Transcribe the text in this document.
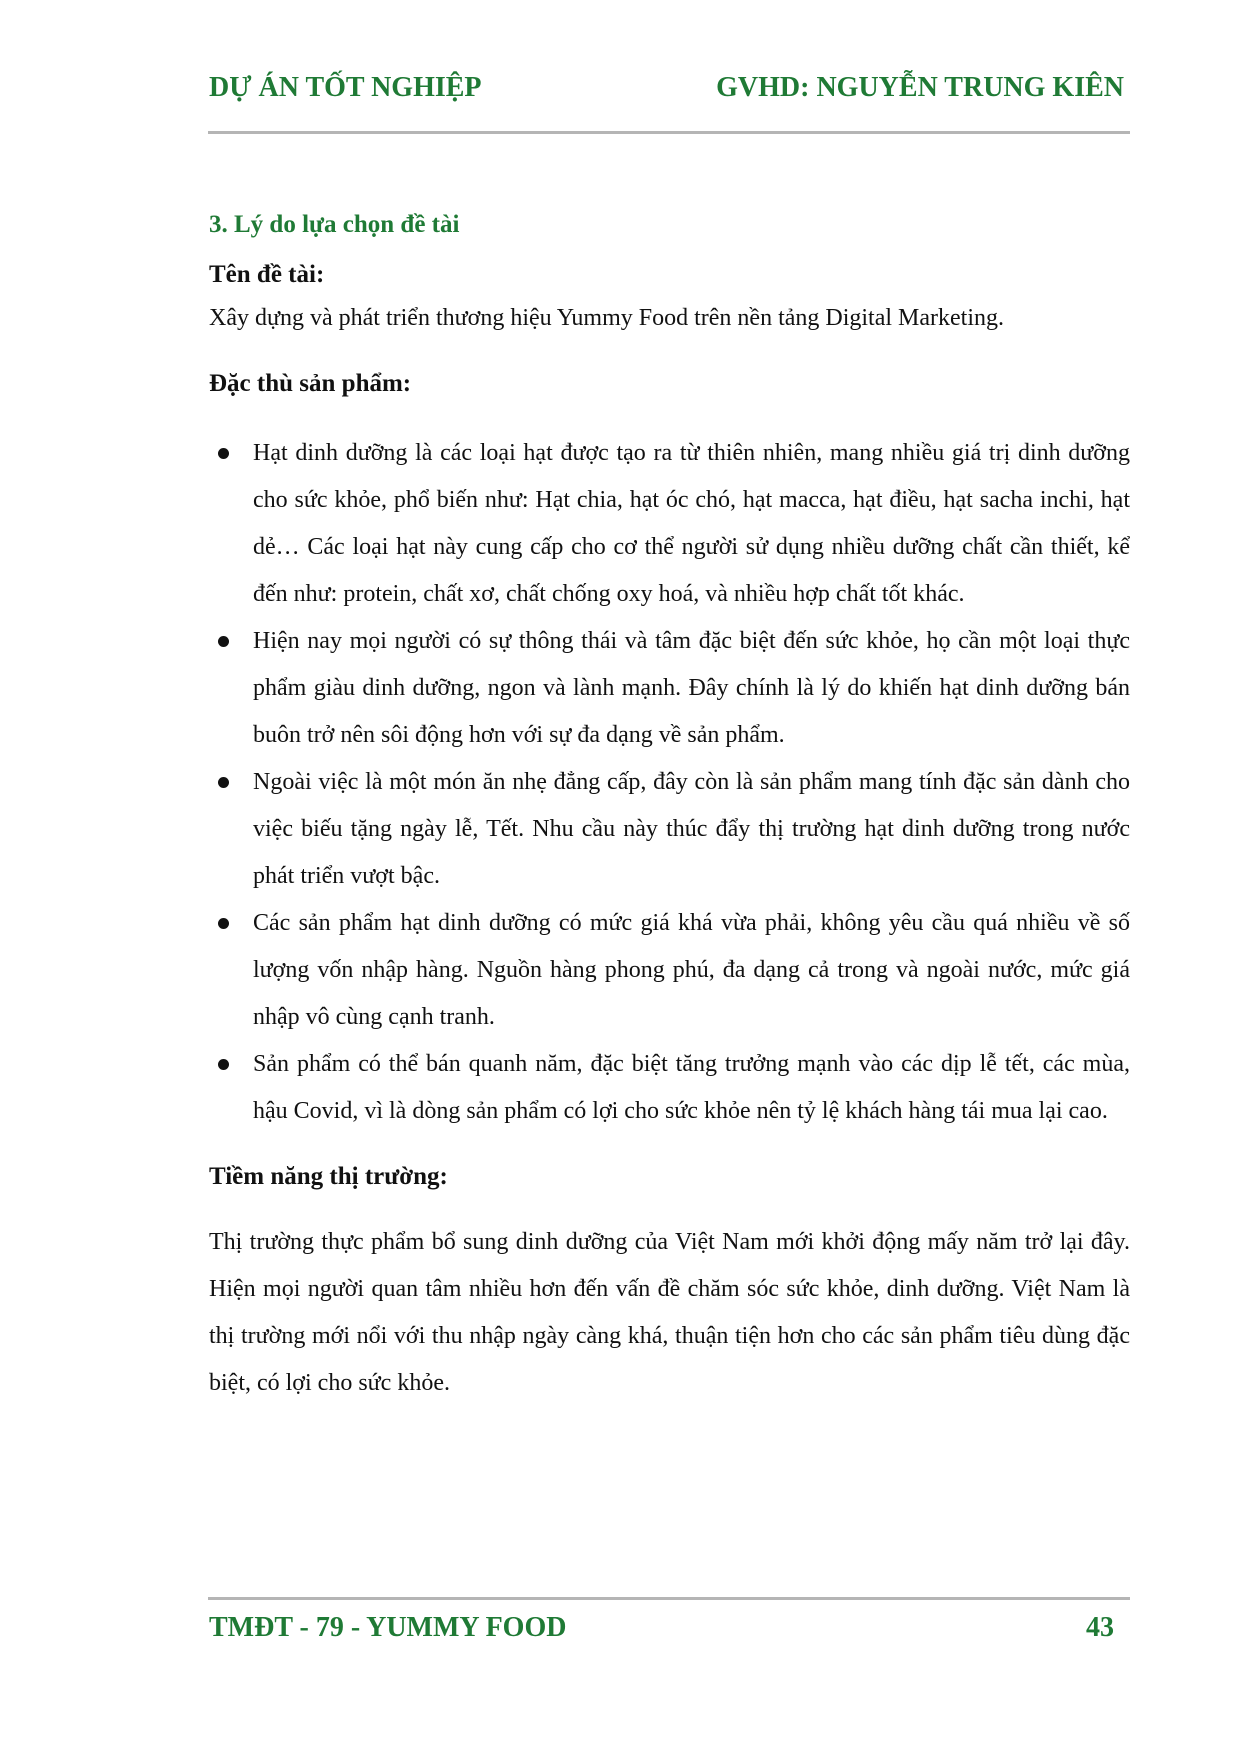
DỰ ÁN TỐT NGHIỆP	GVHD: NGUYỄN TRUNG KIÊN

3. Lý do lựa chọn đề tài

Tên đề tài:

Xây dựng và phát triển thương hiệu Yummy Food trên nền tảng Digital Marketing.

Đặc thù sản phẩm:

Hạt dinh dưỡng là các loại hạt được tạo ra từ thiên nhiên, mang nhiều giá trị dinh dưỡng cho sức khỏe, phổ biến như: Hạt chia, hạt óc chó, hạt macca, hạt điều, hạt sacha inchi, hạt dẻ… Các loại hạt này cung cấp cho cơ thể người sử dụng nhiều dưỡng chất cần thiết, kể đến như: protein, chất xơ, chất chống oxy hoá, và nhiều hợp chất tốt khác.
Hiện nay mọi người có sự thông thái và tâm đặc biệt đến sức khỏe, họ cần một loại thực phẩm giàu dinh dưỡng, ngon và lành mạnh. Đây chính là lý do khiến hạt dinh dưỡng bán buôn trở nên sôi động hơn với sự đa dạng về sản phẩm.
Ngoài việc là một món ăn nhẹ đẳng cấp, đây còn là sản phẩm mang tính đặc sản dành cho việc biếu tặng ngày lễ, Tết. Nhu cầu này thúc đẩy thị trường hạt dinh dưỡng trong nước phát triển vượt bậc.
Các sản phẩm hạt dinh dưỡng có mức giá khá vừa phải, không yêu cầu quá nhiều về số lượng vốn nhập hàng. Nguồn hàng phong phú, đa dạng cả trong và ngoài nước, mức giá nhập vô cùng cạnh tranh.
Sản phẩm có thể bán quanh năm, đặc biệt tăng trưởng mạnh vào các dịp lễ tết, các mùa, hậu Covid, vì là dòng sản phẩm có lợi cho sức khỏe nên tỷ lệ khách hàng tái mua lại cao.

Tiềm năng thị trường:

Thị trường thực phẩm bổ sung dinh dưỡng của Việt Nam mới khởi động mấy năm trở lại đây. Hiện mọi người quan tâm nhiều hơn đến vấn đề chăm sóc sức khỏe, dinh dưỡng. Việt Nam là thị trường mới nổi với thu nhập ngày càng khá, thuận tiện hơn cho các sản phẩm tiêu dùng đặc biệt, có lợi cho sức khỏe.

TMĐT - 79 - YUMMY FOOD	43
